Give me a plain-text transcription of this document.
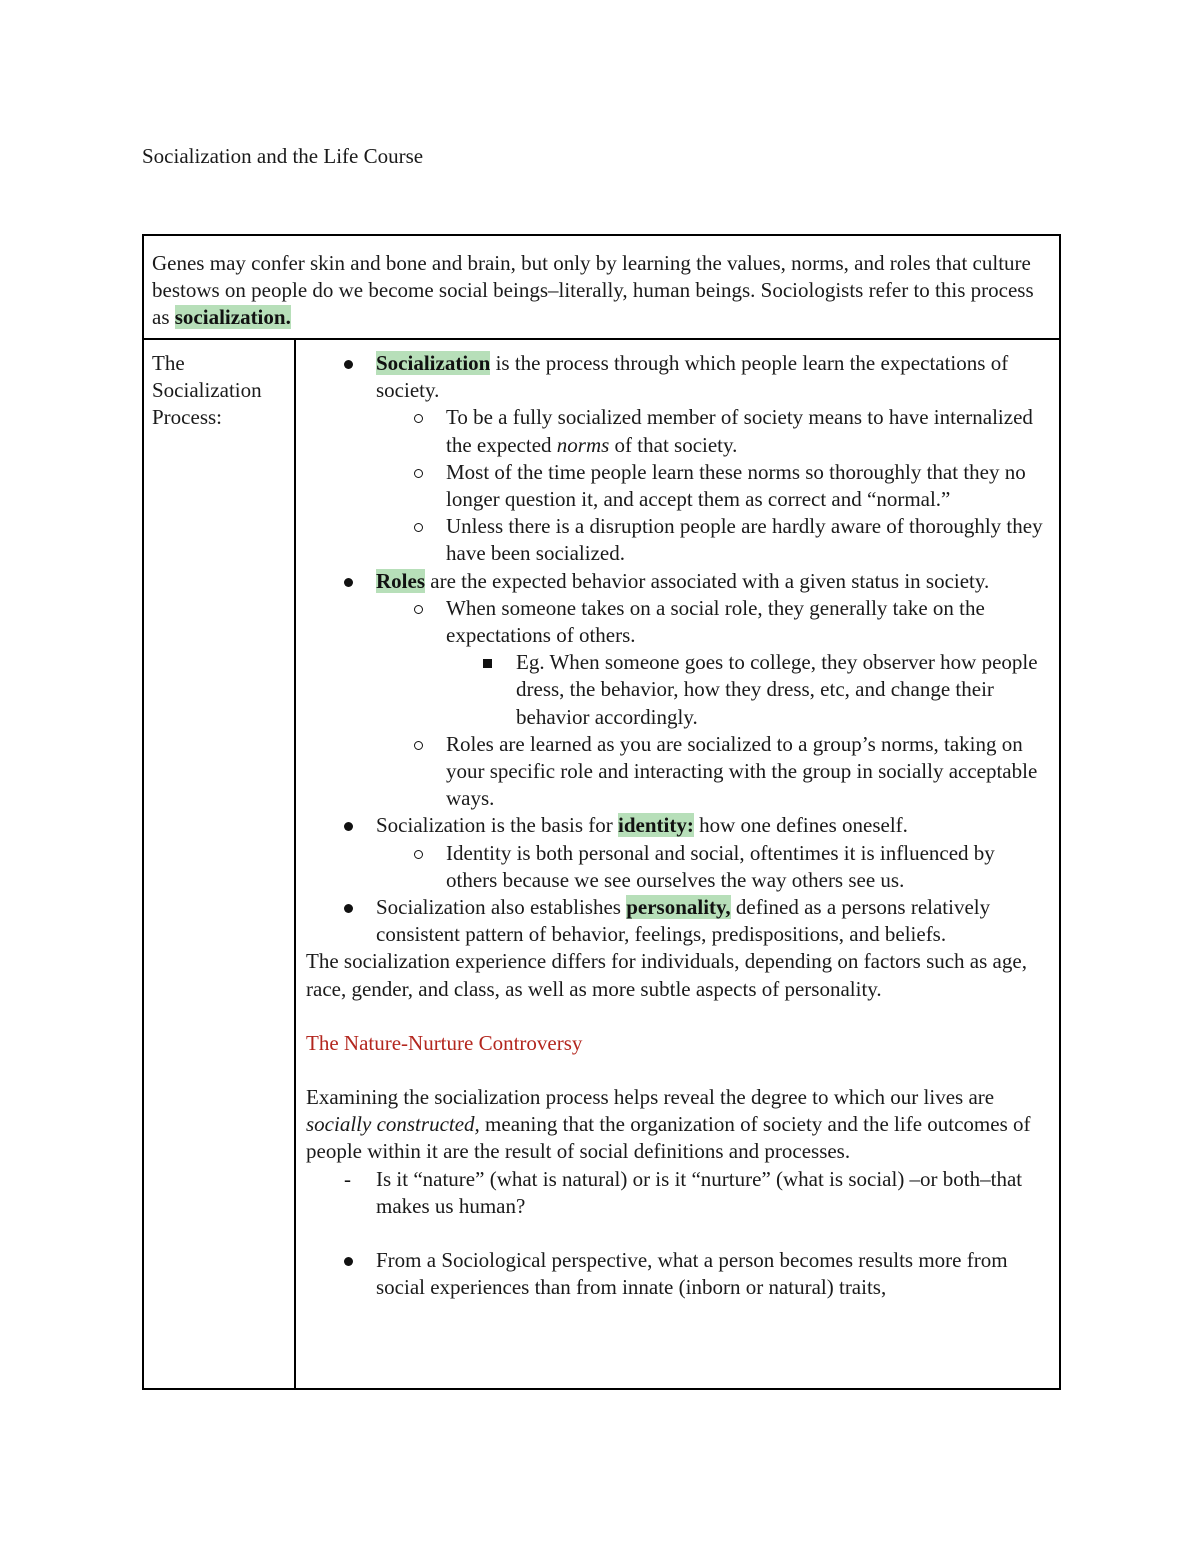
Socialization and the Life Course
Genes may confer skin and bone and brain, but only by learning the values, norms, and roles that culture bestows on people do we become social beings–literally, human beings. Sociologists refer to this process as socialization.
The Socialization Process:
Socialization is the process through which people learn the expectations of society.
To be a fully socialized member of society means to have internalized the expected norms of that society.
Most of the time people learn these norms so thoroughly that they no longer question it, and accept them as correct and “normal.”
Unless there is a disruption people are hardly aware of thoroughly they have been socialized.
Roles are the expected behavior associated with a given status in society.
When someone takes on a social role, they generally take on the expectations of others.
Eg. When someone goes to college, they observer how people dress, the behavior, how they dress, etc, and change their behavior accordingly.
Roles are learned as you are socialized to a group’s norms, taking on your specific role and interacting with the group in socially acceptable ways.
Socialization is the basis for identity: how one defines oneself.
Identity is both personal and social, oftentimes it is influenced by others because we see ourselves the way others see us.
Socialization also establishes personality, defined as a persons relatively consistent pattern of behavior, feelings, predispositions, and beliefs.

The socialization experience differs for individuals, depending on factors such as age, race, gender, and class, as well as more subtle aspects of personality.

The Nature-Nurture Controversy

Examining the socialization process helps reveal the degree to which our lives are socially constructed, meaning that the organization of society and the life outcomes of people within it are the result of social definitions and processes.

- Is it “nature” (what is natural) or is it “nurture” (what is social) –or both–that makes us human?
From a Sociological perspective, what a person becomes results more from social experiences than from innate (inborn or natural) traits,
